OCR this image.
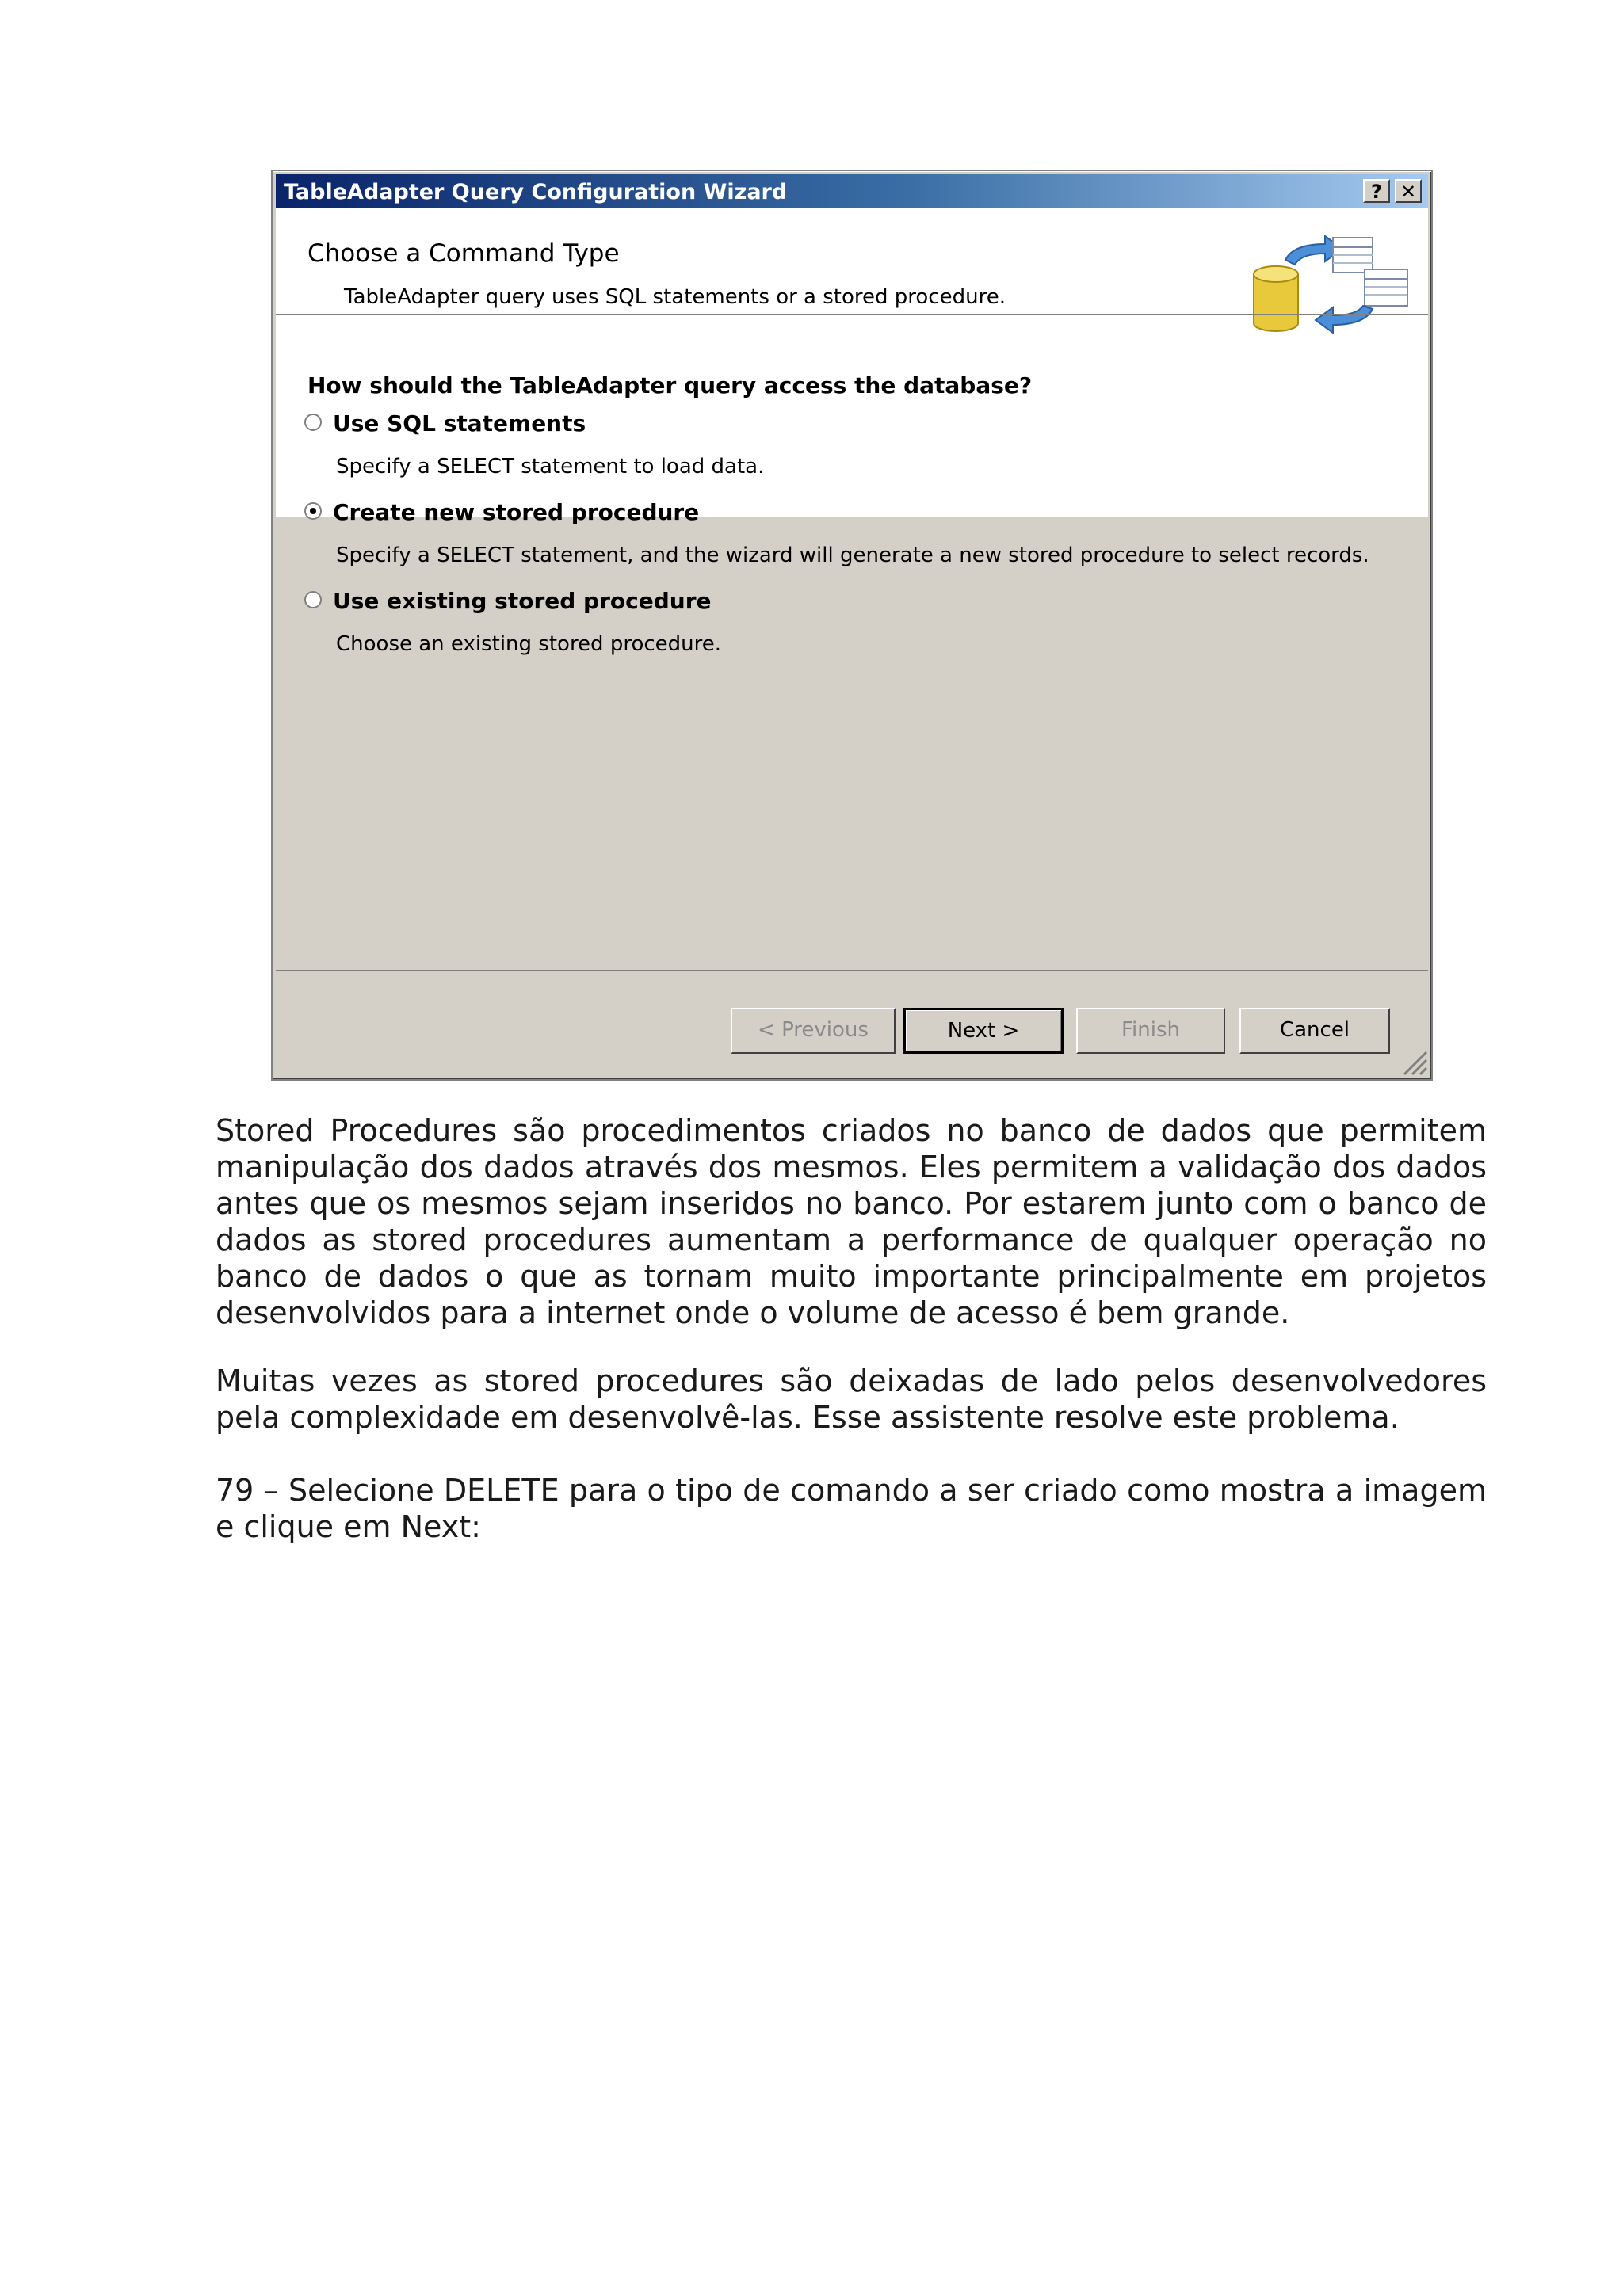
TableAdapter Query Configuration Wizard	? ✕
Choose a Command Type
TableAdapter query uses SQL statements or a stored procedure.
How should the TableAdapter query access the database?
Use SQL statements
Specify a SELECT statement to load data.
Create new stored procedure
Specify a SELECT statement, and the wizard will generate a new stored procedure to select records.
Use existing stored procedure
Choose an existing stored procedure.
< Previous	Next >	Finish	Cancel

Stored Procedures são procedimentos criados no banco de dados que permitem manipulação dos dados através dos mesmos. Eles permitem a validação dos dados antes que os mesmos sejam inseridos no banco. Por estarem junto com o banco de dados as stored procedures aumentam a performance de qualquer operação no banco de dados o que as tornam muito importante principalmente em projetos desenvolvidos para a internet onde o volume de acesso é bem grande.

Muitas vezes as stored procedures são deixadas de lado pelos desenvolvedores pela complexidade em desenvolvê-las. Esse assistente resolve este problema.

79 – Selecione DELETE para o tipo de comando a ser criado como mostra a imagem e clique em Next:
